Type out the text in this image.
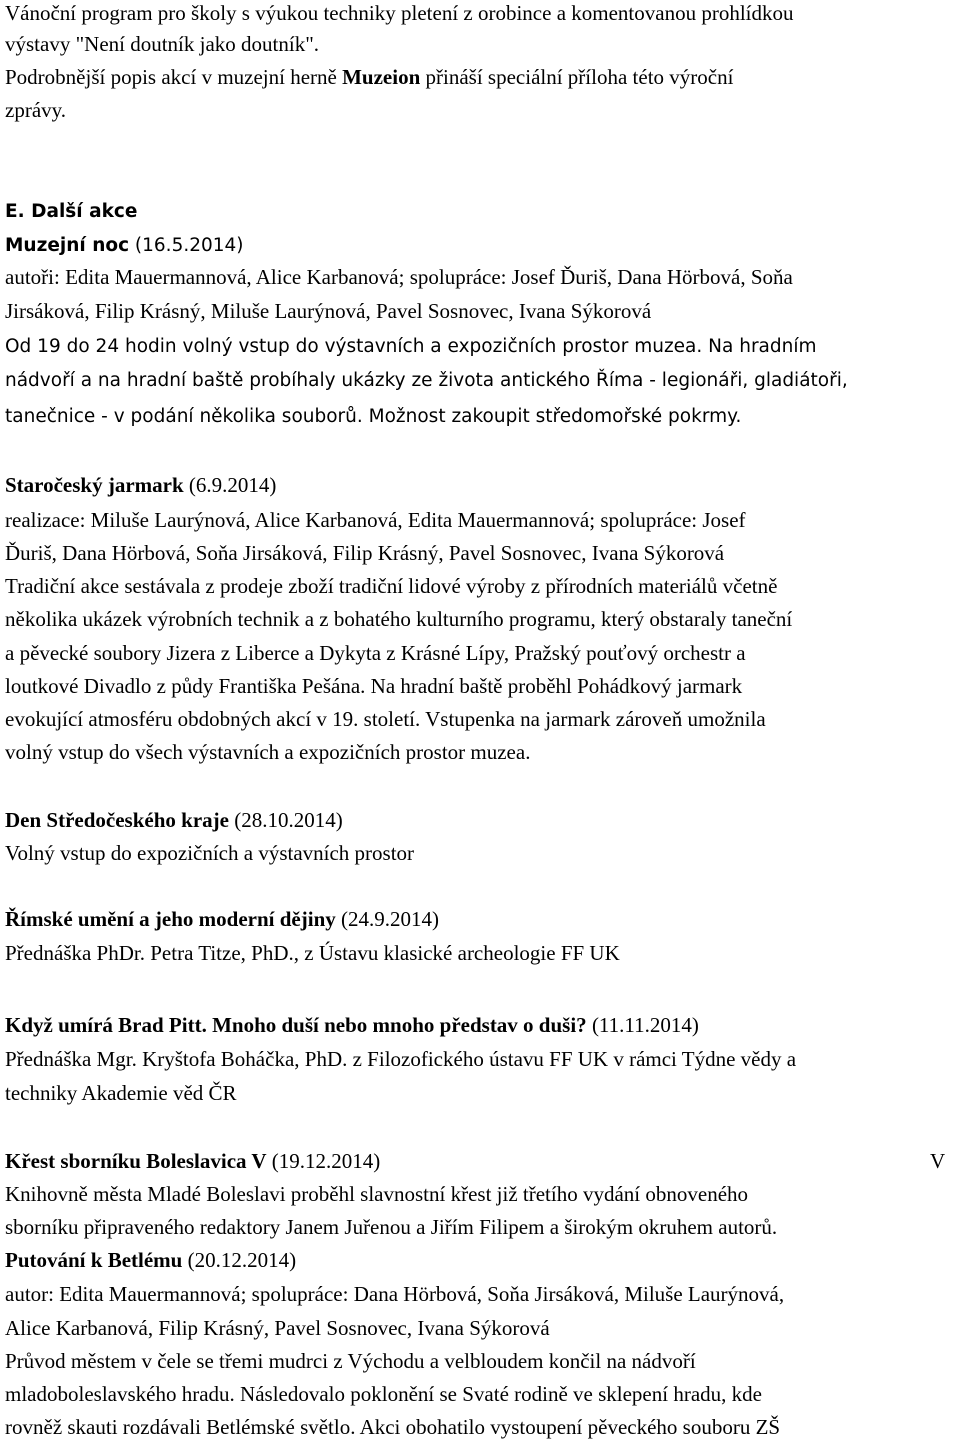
Vánoční program pro školy s výukou techniky pletení z orobince a komentovanou prohlídkou
výstavy "Není doutník jako doutník".
Podrobnější popis akcí v muzejní herně Muzeion přináší speciální příloha této výroční
zprávy.
E. Další akce
Muzejní noc (16.5.2014)
autoři: Edita Mauermannová, Alice Karbanová; spolupráce: Josef Ďuriš, Dana Hörbová, Soňa
Jirsáková, Filip Krásný, Miluše Laurýnová, Pavel Sosnovec, Ivana Sýkorová
Od 19 do 24 hodin volný vstup do výstavních a expozičních prostor muzea. Na hradním
nádvoří a na hradní baště probíhaly ukázky ze života antického Říma - legionáři, gladiátoři,
tanečnice - v podání několika souborů. Možnost zakoupit středomořské pokrmy.
Staročeský jarmark (6.9.2014)
realizace: Miluše Laurýnová, Alice Karbanová, Edita Mauermannová; spolupráce: Josef
Ďuriš, Dana Hörbová, Soňa Jirsáková, Filip Krásný, Pavel Sosnovec, Ivana Sýkorová
Tradiční akce sestávala z prodeje zboží tradiční lidové výroby z přírodních materiálů včetně
několika ukázek výrobních technik a z bohatého kulturního programu, který obstaraly taneční
a pěvecké soubory Jizera z Liberce a Dykyta z Krásné Lípy, Pražský pouťový orchestr a
loutkové Divadlo z půdy Františka Pešána. Na hradní baště proběhl Pohádkový jarmark
evokující atmosféru obdobných akcí v 19. století. Vstupenka na jarmark zároveň umožnila
volný vstup do všech výstavních a expozičních prostor muzea.
Den Středočeského kraje (28.10.2014)
Volný vstup do expozičních a výstavních prostor
Římské umění a jeho moderní dějiny (24.9.2014)
Přednáška PhDr. Petra Titze, PhD., z Ústavu klasické archeologie FF UK
Když umírá Brad Pitt. Mnoho duší nebo mnoho představ o duši? (11.11.2014)
Přednáška Mgr. Kryštofa Boháčka, PhD. z Filozofického ústavu FF UK v rámci Týdne vědy a
techniky Akademie věd ČR
Křest sborníku Boleslavica V (19.12.2014)	V
Knihovně města Mladé Boleslavi proběhl slavnostní křest již třetího vydání obnoveného
sborníku připraveného redaktory Janem Juřenou a Jiřím Filipem a širokým okruhem autorů.
Putování k Betlému (20.12.2014)
autor: Edita Mauermannová; spolupráce: Dana Hörbová, Soňa Jirsáková, Miluše Laurýnová,
Alice Karbanová, Filip Krásný, Pavel Sosnovec, Ivana Sýkorová
Průvod městem v čele se třemi mudrci z Východu a velbloudem končil na nádvoří
mladoboleslavského hradu. Následovalo poklonění se Svaté rodině ve sklepení hradu, kde
rovněž skauti rozdávali Betlémské světlo. Akci obohatilo vystoupení pěveckého souboru ZŠ
